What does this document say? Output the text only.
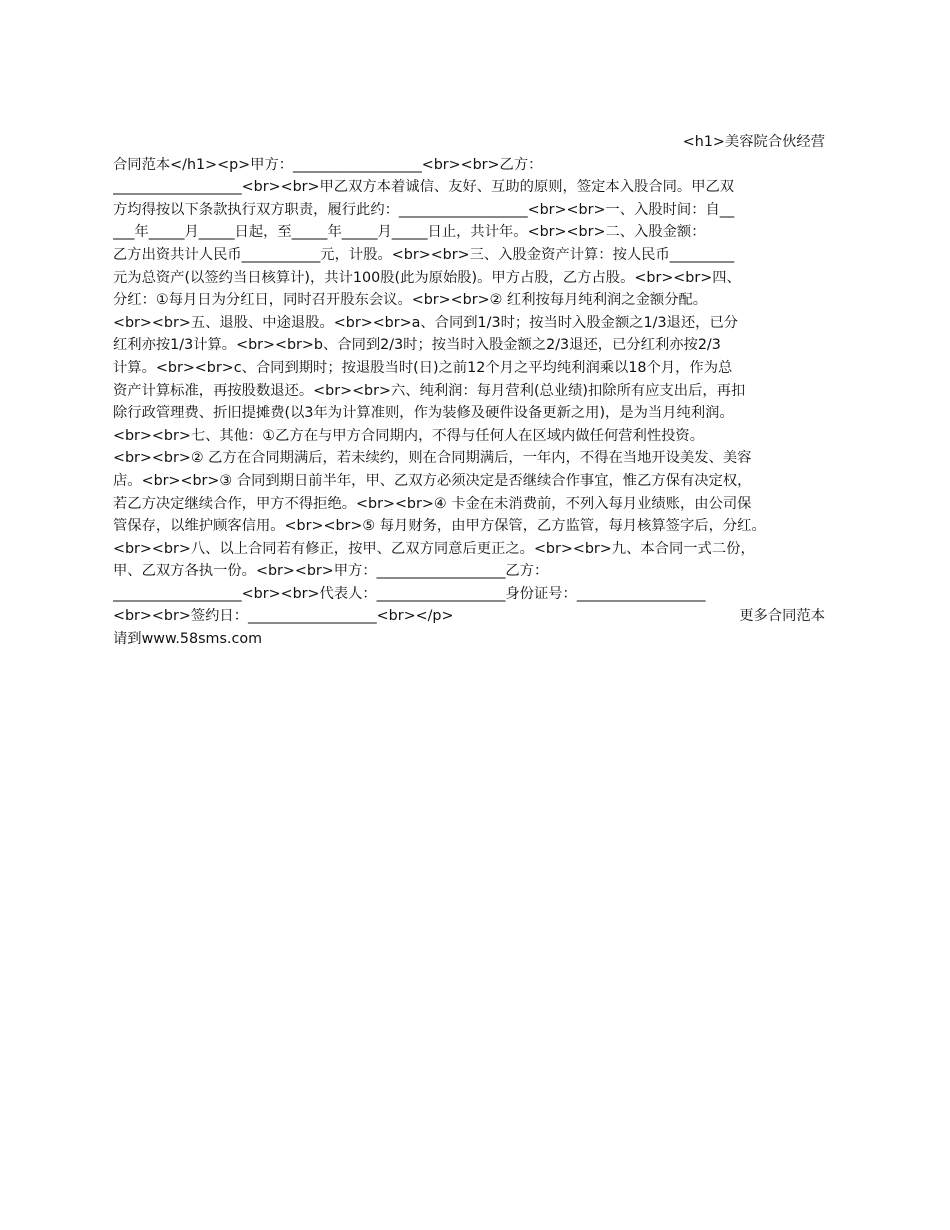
<h1>美容院合伙经营
合同范本</h1><p>甲方：__________________<br><br>乙方：
__________________<br><br>甲乙双方本着诚信、友好、互助的原则，签定本入股合同。甲乙双
方均得按以下条款执行双方职责，履行此约：__________________<br><br>一、入股时间：自__
___年_____月_____日起，至_____年_____月_____日止，共计年。<br><br>二、入股金额：
乙方出资共计人民币___________元，计股。<br><br>三、入股金资产计算：按人民币_________
元为总资产(以签约当日核算计)，共计100股(此为原始股)。甲方占股，乙方占股。<br><br>四、
分红：①每月日为分红日，同时召开股东会议。<br><br>② 红利按每月纯利润之金额分配。
<br><br>五、退股、中途退股。<br><br>a、合同到1/3时；按当时入股金额之1/3退还，已分
红利亦按1/3计算。<br><br>b、合同到2/3时；按当时入股金额之2/3退还，已分红利亦按2/3
计算。<br><br>c、合同到期时；按退股当时(日)之前12个月之平均纯利润乘以18个月，作为总
资产计算标准，再按股数退还。<br><br>六、纯利润：每月营利(总业绩)扣除所有应支出后，再扣
除行政管理费、折旧提摊费(以3年为计算准则，作为装修及硬件设备更新之用)，是为当月纯利润。
<br><br>七、其他：①乙方在与甲方合同期内，不得与任何人在区域内做任何营利性投资。
<br><br>② 乙方在合同期满后，若未续约，则在合同期满后，一年内，不得在当地开设美发、美容
店。<br><br>③ 合同到期日前半年，甲、乙双方必须决定是否继续合作事宜，惟乙方保有决定权，
若乙方决定继续合作，甲方不得拒绝。<br><br>④ 卡金在未消费前，不列入每月业绩账，由公司保
管保存，以维护顾客信用。<br><br>⑤ 每月财务，由甲方保管，乙方监管，每月核算签字后，分红。
<br><br>八、以上合同若有修正，按甲、乙双方同意后更正之。<br><br>九、本合同一式二份，
甲、乙双方各执一份。<br><br>甲方：__________________乙方：
__________________<br><br>代表人：__________________身份证号：__________________
<br><br>签约日：__________________<br></p>	更多合同范本
请到www.58sms.com
